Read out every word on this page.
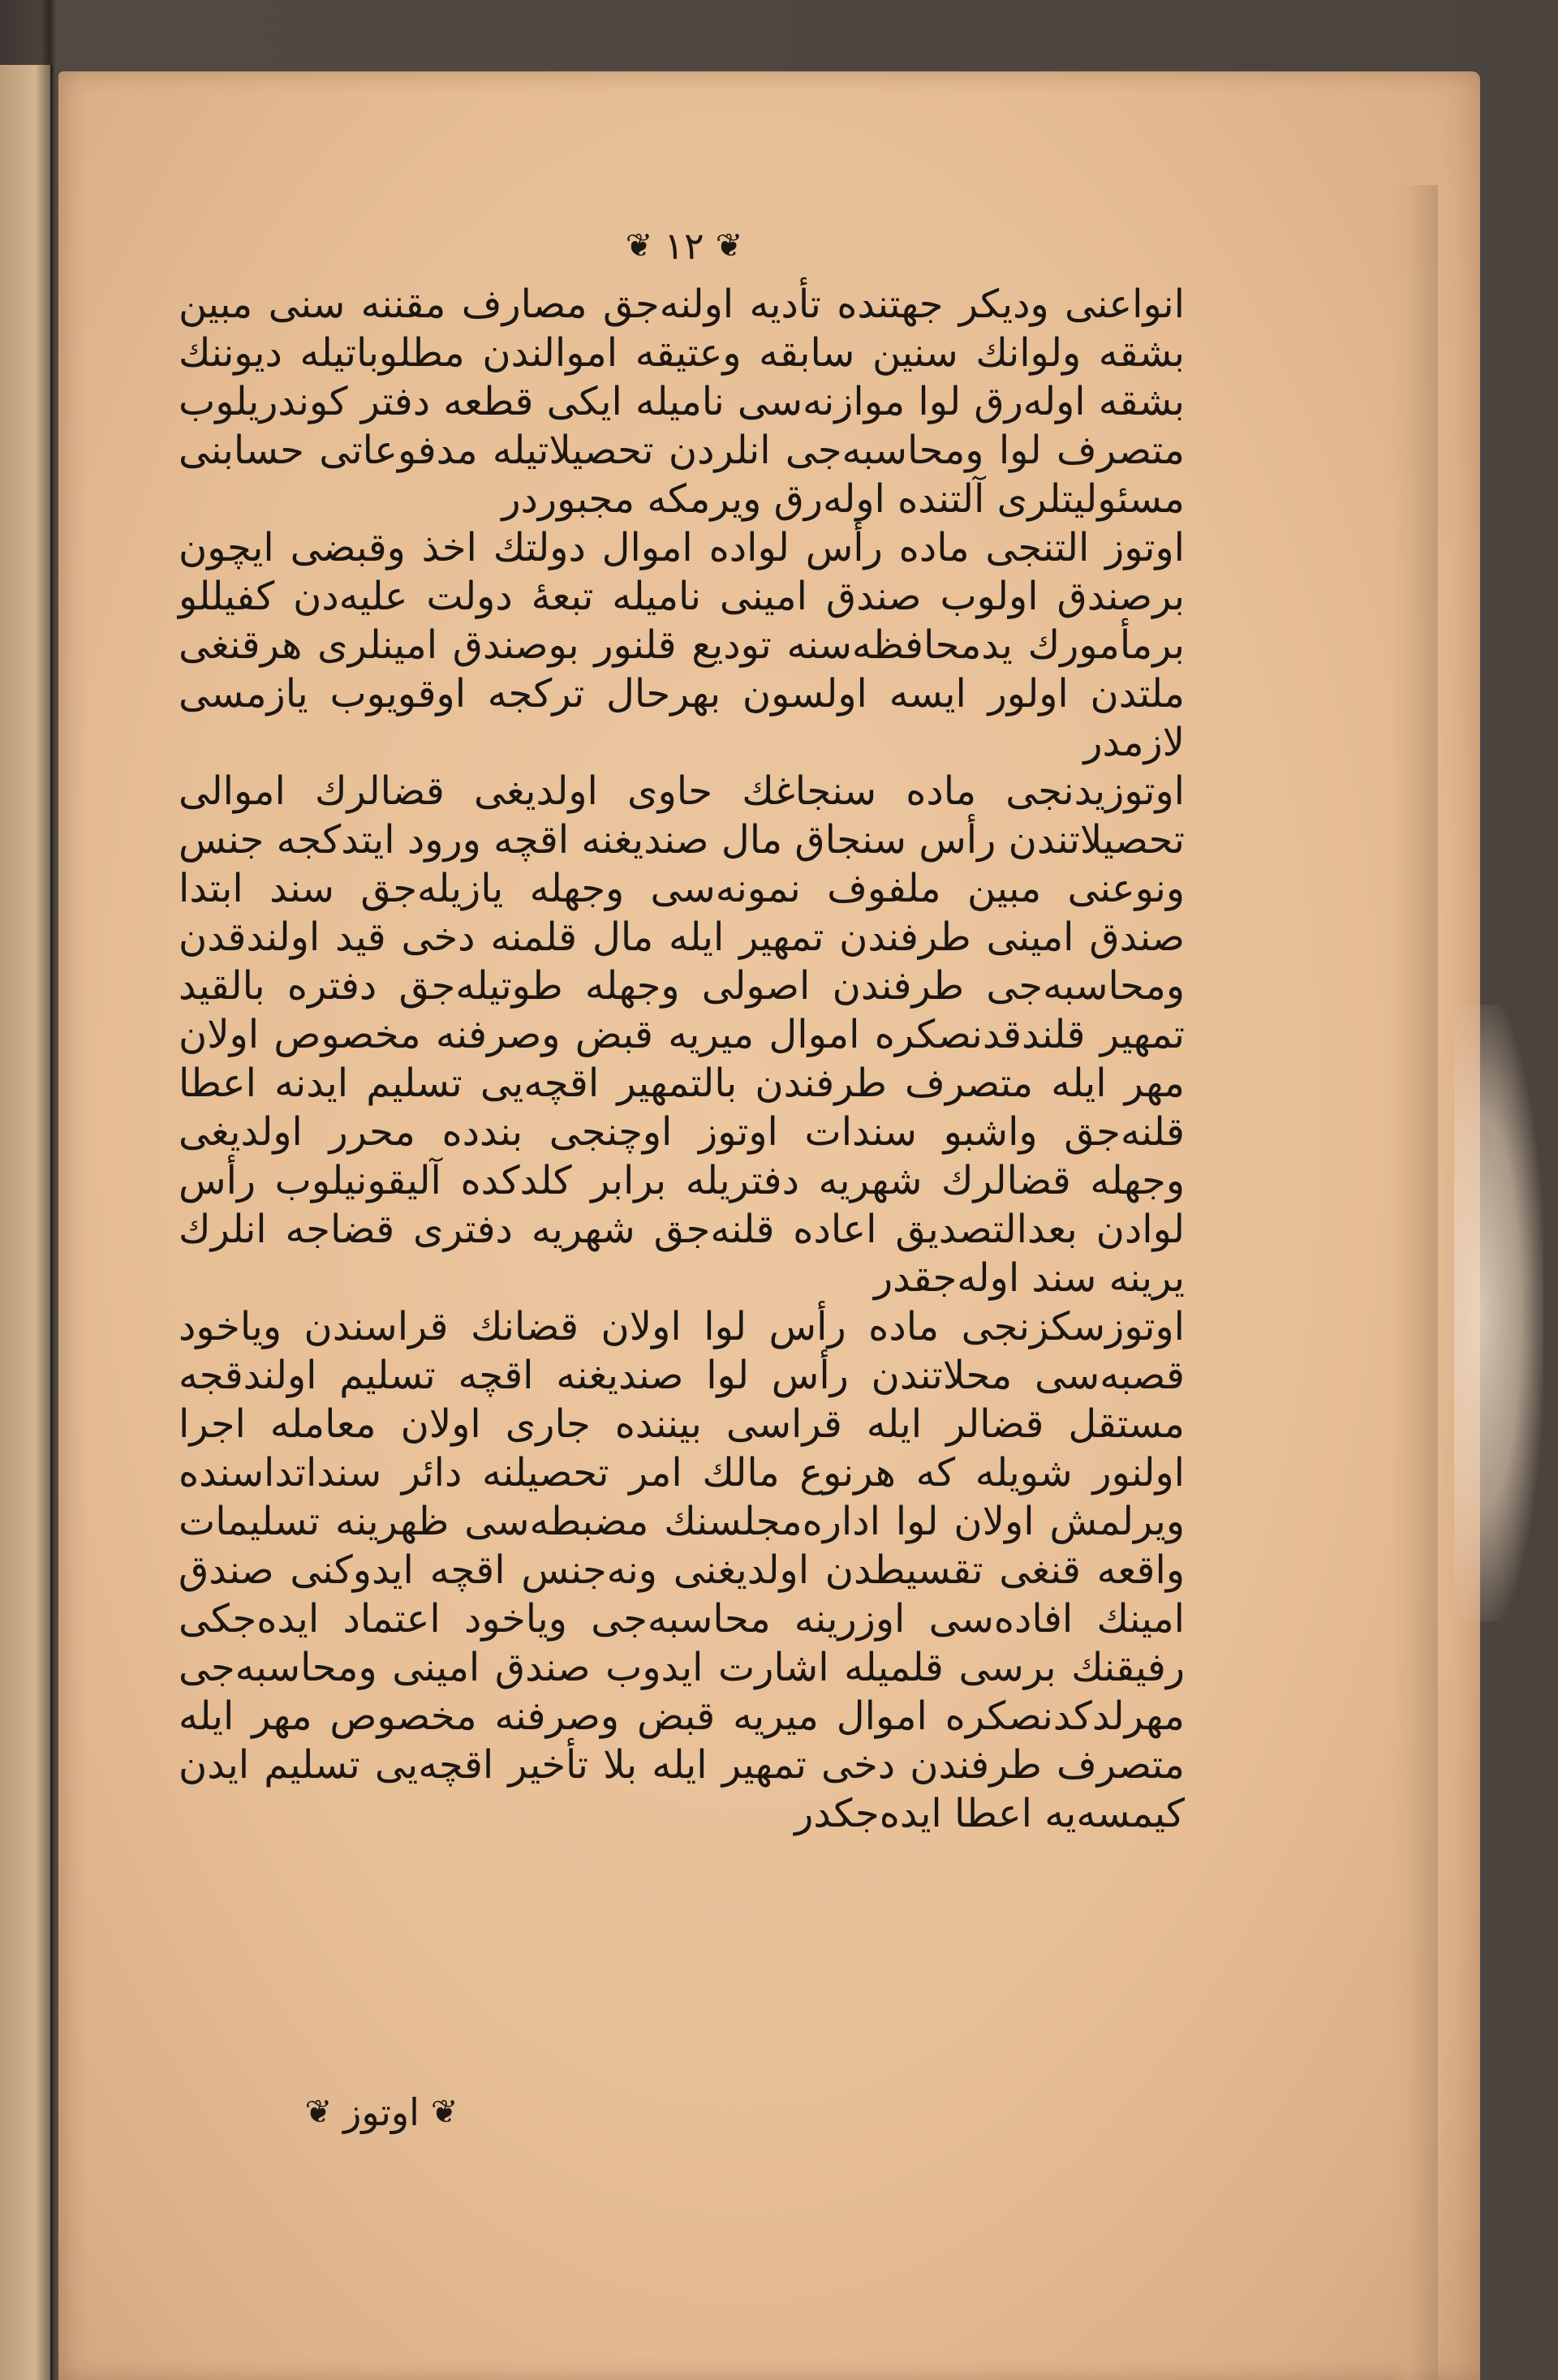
❦ ١٢ ❦

انواعنى وديكر جهتنده تأديه اولنه‌جق مصارف مقننه سنى مبين بشقه ولوانك سنين سابقه وعتيقه اموالندن مطلوباتيله ديوننك بشقه اوله‌رق لوا موازنه‌سى ناميله ايكى قطعه دفتر كوندريلوب متصرف لوا ومحاسبه‌جى انلردن تحصيلاتيله مدفوعاتى حسابنى مسئوليتلرى آلتنده اوله‌رق ويرمكه مجبوردر

اوتوز التنجى ماده رأس لواده اموال دولتك اخذ وقبضى ايچون برصندق اولوب صندق امينى ناميله تبعهٔ دولت عليه‌دن كفيللو برمأمورك يدمحافظه‌سنه توديع قلنور بوصندق امينلرى هرقنغى ملتدن اولور ايسه اولسون بهرحال تركجه اوقويوب يازمسى لازمدر

اوتوزيدنجى ماده سنجاغك حاوى اولديغى قضالرك اموالى تحصيلاتندن رأس سنجاق مال صنديغنه اقچه ورود ايتدكجه جنس ونوعنى مبين ملفوف نمونه‌سى وجهله يازيله‌جق سند ابتدا صندق امينى طرفندن تمهير ايله مال قلمنه دخى قيد اولندقدن ومحاسبه‌جى طرفندن اصولى وجهله طوتيله‌جق دفتره بالقيد تمهير قلندقدنصكره اموال ميريه قبض وصرفنه مخصوص اولان مهر ايله متصرف طرفندن بالتمهير اقچه‌يى تسليم ايدنه اعطا قلنه‌جق واشبو سندات اوتوز اوچنجى بندده محرر اولديغى وجهله قضالرك شهريه دفتريله برابر كلدكده آليقونيلوب رأس لوادن بعدالتصديق اعاده قلنه‌جق شهريه دفترى قضاجه انلرك يرينه سند اوله‌جقدر

اوتوزسكزنجى ماده رأس لوا اولان قضانك قراسندن وياخود قصبه‌سى محلاتندن رأس لوا صنديغنه اقچه تسليم اولندقجه مستقل قضالر ايله قراسى بيننده جارى اولان معامله اجرا اولنور شويله كه هرنوع مالك امر تحصيلنه دائر سنداتداسنده ويرلمش اولان لوا اداره‌مجلسنك مضبطه‌سى ظهرينه تسليمات واقعه قنغى تقسيطدن اولديغنى ونه‌جنس اقچه ايدوكنى صندق امينك افاده‌سى اوزرينه محاسبه‌جى وياخود اعتماد ايده‌جكى رفيقنك برسى قلميله اشارت ايدوب صندق امينى ومحاسبه‌جى مهرلدكدنصكره اموال ميريه قبض وصرفنه مخصوص مهر ايله متصرف طرفندن دخى تمهير ايله بلا تأخير اقچه‌يى تسليم ايدن كيمسه‌يه اعطا ايده‌جكدر

❦
اوتوز
❦
